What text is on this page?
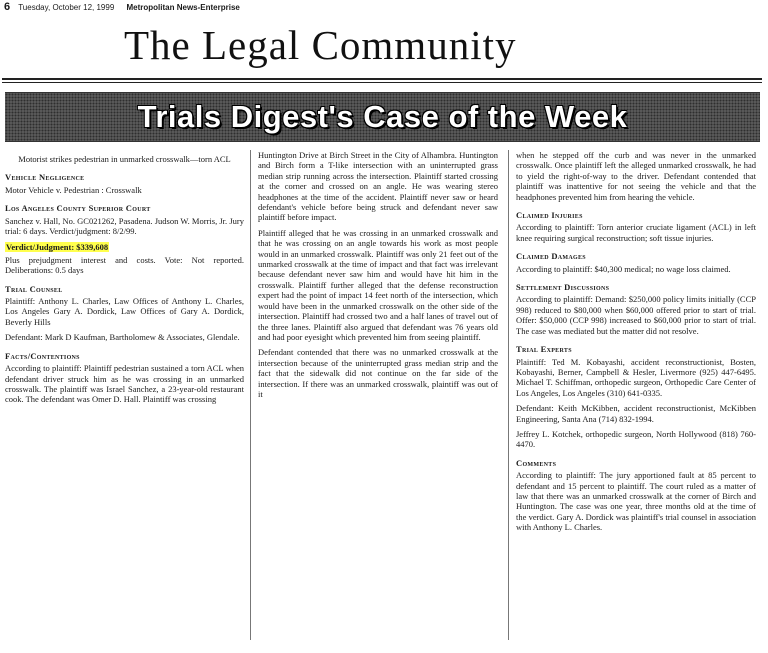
6 Tuesday, October 12, 1999 Metropolitan News-Enterprise
The Legal Community
Trials Digest's Case of the Week

Motorist strikes pedestrian in unmarked crosswalk—torn ACL

Vehicle Negligence

Motor Vehicle v. Pedestrian : Crosswalk

Los Angeles County Superior Court

Sanchez v. Hall, No. GC021262, Pasadena. Judson W. Morris, Jr. Jury trial: 6 days. Verdict/judgment: 8/2/99.

Verdict/Judgment: $339,608

Plus prejudgment interest and costs. Vote: Not reported. Deliberations: 0.5 days

Trial Counsel

Plaintiff: Anthony L. Charles, Law Offices of Anthony L. Charles, Los Angeles Gary A. Dordick, Law Offices of Gary A. Dordick, Beverly Hills

Defendant: Mark D Kaufman, Bartholomew & Associates, Glendale.

Facts/Contentions

According to plaintiff: Plaintiff pedestrian sustained a torn ACL when defendant driver struck him as he was crossing in an unmarked crosswalk. The plaintiff was Israel Sanchez, a 23-year-old restaurant cook. The defendant was Omer D. Hall. Plaintiff was crossing

Huntington Drive at Birch Street in the City of Alhambra. Huntington and Birch form a T-like intersection with an uninterrupted grass median strip running across the intersection. Plaintiff started crossing at the corner and crossed on an angle. He was wearing stereo headphones at the time of the accident. Plaintiff never saw or heard defendant's vehicle before being struck and defendant never saw plaintiff before impact.

Plaintiff alleged that he was crossing in an unmarked crosswalk and that he was crossing on an angle towards his work as most people would in an unmarked crosswalk. Plaintiff was only 21 feet out of the unmarked crosswalk at the time of impact and that fact was irrelevant because defendant never saw him and would have hit him in the crosswalk. Plaintiff further alleged that the defense reconstruction expert had the point of impact 14 feet north of the intersection, which would have been in the unmarked crosswalk on the other side of the intersection. Plaintiff had crossed two and a half lanes of travel out of the three lanes. Plaintiff also argued that defendant was 76 years old and had poor eyesight which prevented him from seeing plaintiff.

Defendant contended that there was no unmarked crosswalk at the intersection because of the uninterrupted grass median strip and the fact that the sidewalk did not continue on the far side of the intersection. If there was an unmarked crosswalk, plaintiff was out of it

when he stepped off the curb and was never in the unmarked crosswalk. Once plaintiff left the alleged unmarked crosswalk, he had to yield the right-of-way to the driver. Defendant contended that plaintiff was inattentive for not seeing the vehicle and that the headphones prevented him from hearing the vehicle.

Claimed Injuries

According to plaintiff: Torn anterior cruciate ligament (ACL) in left knee requiring surgical reconstruction; soft tissue injuries.

Claimed Damages

According to plaintiff: $40,300 medical; no wage loss claimed.

Settlement Discussions

According to plaintiff: Demand: $250,000 policy limits initially (CCP 998) reduced to $80,000 when $60,000 offered prior to start of trial. Offer: $50,000 (CCP 998) increased to $60,000 prior to start of trial. The case was mediated but the matter did not resolve.

Trial Experts

Plaintiff: Ted M. Kobayashi, accident reconstructionist, Bosten, Kobayashi, Berner, Campbell & Hesler, Livermore (925) 447-6495. Michael T. Schiffman, orthopedic surgeon, Orthopedic Care Center of Los Angeles, Los Angeles (310) 641-0335.

Defendant: Keith McKibben, accident reconstructionist, McKibben Engineering, Santa Ana (714) 832-1994.

Jeffrey L. Kotchek, orthopedic surgeon, North Hollywood (818) 760-4470.

Comments

According to plaintiff: The jury apportioned fault at 85 percent to defendant and 15 percent to plaintiff. The court ruled as a matter of law that there was an unmarked crosswalk at the corner of Birch and Huntington. The case was one year, three months old at the time of the verdict. Gary A. Dordick was plaintiff's trial counsel in association with Anthony L. Charles.
